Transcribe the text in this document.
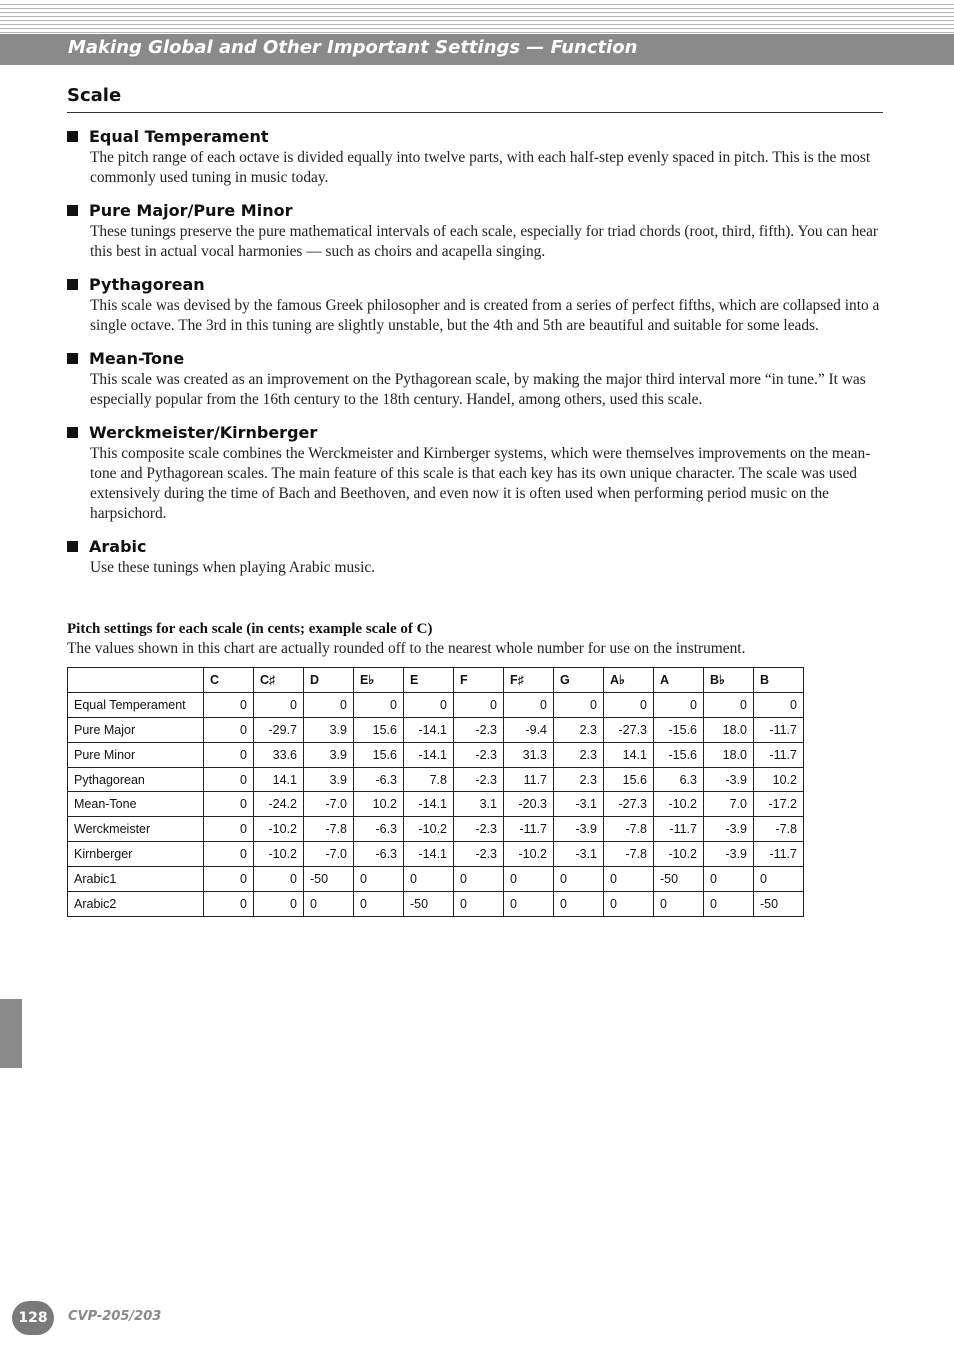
Making Global and Other Important Settings — Function
Scale
Equal Temperament
The pitch range of each octave is divided equally into twelve parts, with each half-step evenly spaced in pitch. This is the most commonly used tuning in music today.
Pure Major/Pure Minor
These tunings preserve the pure mathematical intervals of each scale, especially for triad chords (root, third, fifth). You can hear this best in actual vocal harmonies — such as choirs and acapella singing.
Pythagorean
This scale was devised by the famous Greek philosopher and is created from a series of perfect fifths, which are collapsed into a single octave. The 3rd in this tuning are slightly unstable, but the 4th and 5th are beautiful and suitable for some leads.
Mean-Tone
This scale was created as an improvement on the Pythagorean scale, by making the major third interval more “in tune.” It was especially popular from the 16th century to the 18th century. Handel, among others, used this scale.
Werckmeister/Kirnberger
This composite scale combines the Werckmeister and Kirnberger systems, which were themselves improvements on the mean-tone and Pythagorean scales. The main feature of this scale is that each key has its own unique character. The scale was used extensively during the time of Bach and Beethoven, and even now it is often used when performing period music on the harpsichord.
Arabic
Use these tunings when playing Arabic music.
Pitch settings for each scale (in cents; example scale of C)
The values shown in this chart are actually rounded off to the nearest whole number for use on the instrument.
	C	C♯	D	E♭	E	F	F♯	G	A♭	A	B♭	B
Equal Temperament	0	0	0	0	0	0	0	0	0	0	0	0
Pure Major	0	-29.7	3.9	15.6	-14.1	-2.3	-9.4	2.3	-27.3	-15.6	18.0	-11.7
Pure Minor	0	33.6	3.9	15.6	-14.1	-2.3	31.3	2.3	14.1	-15.6	18.0	-11.7
Pythagorean	0	14.1	3.9	-6.3	7.8	-2.3	11.7	2.3	15.6	6.3	-3.9	10.2
Mean-Tone	0	-24.2	-7.0	10.2	-14.1	3.1	-20.3	-3.1	-27.3	-10.2	7.0	-17.2
Werckmeister	0	-10.2	-7.8	-6.3	-10.2	-2.3	-11.7	-3.9	-7.8	-11.7	-3.9	-7.8
Kirnberger	0	-10.2	-7.0	-6.3	-14.1	-2.3	-10.2	-3.1	-7.8	-10.2	-3.9	-11.7
Arabic1	0	0	-50	0	0	0	0	0	0	-50	0	0
Arabic2	0	0	0	0	-50	0	0	0	0	0	0	-50
128	CVP-205/203
